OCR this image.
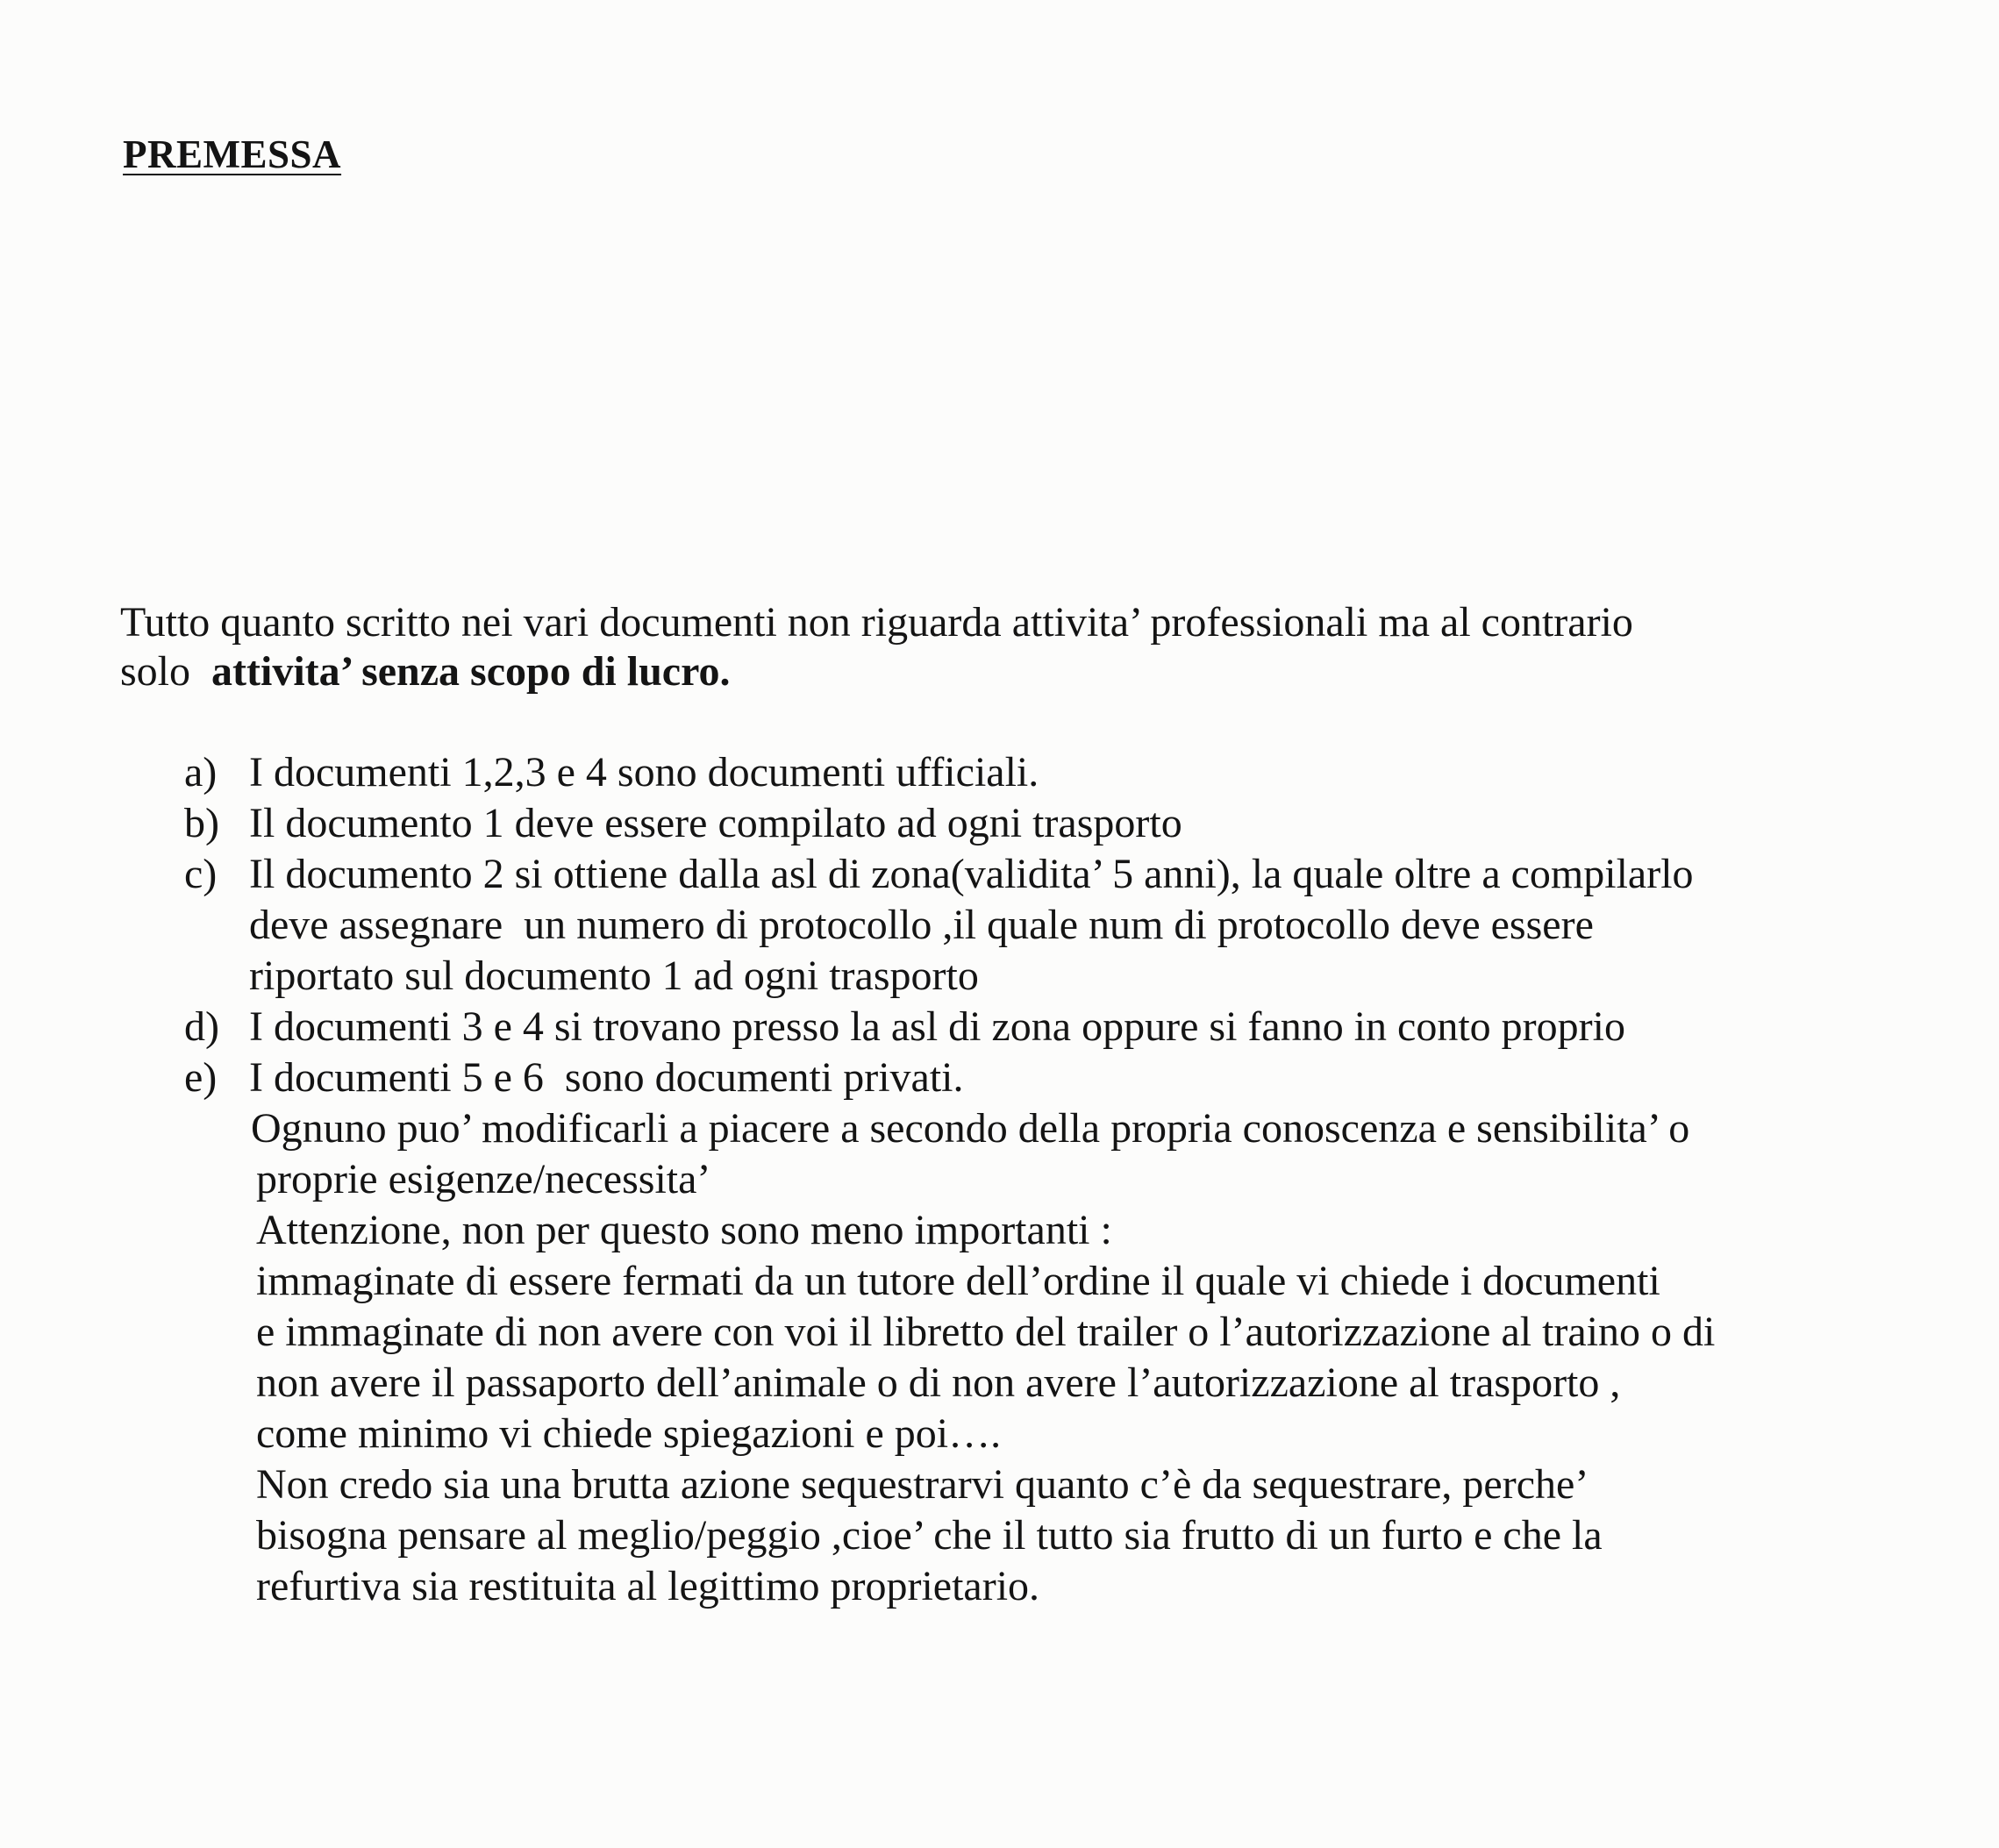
PREMESSA

Tutto quanto scritto nei vari documenti non riguarda attivita’ professionali ma al contrario
solo  attivita’ senza scopo di lucro.

a) I documenti 1,2,3 e 4 sono documenti ufficiali.
b) Il documento 1 deve essere compilato ad ogni trasporto
c) Il documento 2 si ottiene dalla asl di zona(validita’ 5 anni), la quale oltre a compilarlo
deve assegnare  un numero di protocollo ,il quale num di protocollo deve essere
riportato sul documento 1 ad ogni trasporto
d) I documenti 3 e 4 si trovano presso la asl di zona oppure si fanno in conto proprio
e) I documenti 5 e 6  sono documenti privati.
Ognuno puo’ modificarli a piacere a secondo della propria conoscenza e sensibilita’ o
proprie esigenze/necessita’
Attenzione, non per questo sono meno importanti :
immaginate di essere fermati da un tutore dell’ordine il quale vi chiede i documenti
e immaginate di non avere con voi il libretto del trailer o l’autorizzazione al traino o di
non avere il passaporto dell’animale o di non avere l’autorizzazione al trasporto ,
come minimo vi chiede spiegazioni e poi….
Non credo sia una brutta azione sequestrarvi quanto c’è da sequestrare, perche’
bisogna pensare al meglio/peggio ,cioe’ che il tutto sia frutto di un furto e che la
refurtiva sia restituita al legittimo proprietario.
